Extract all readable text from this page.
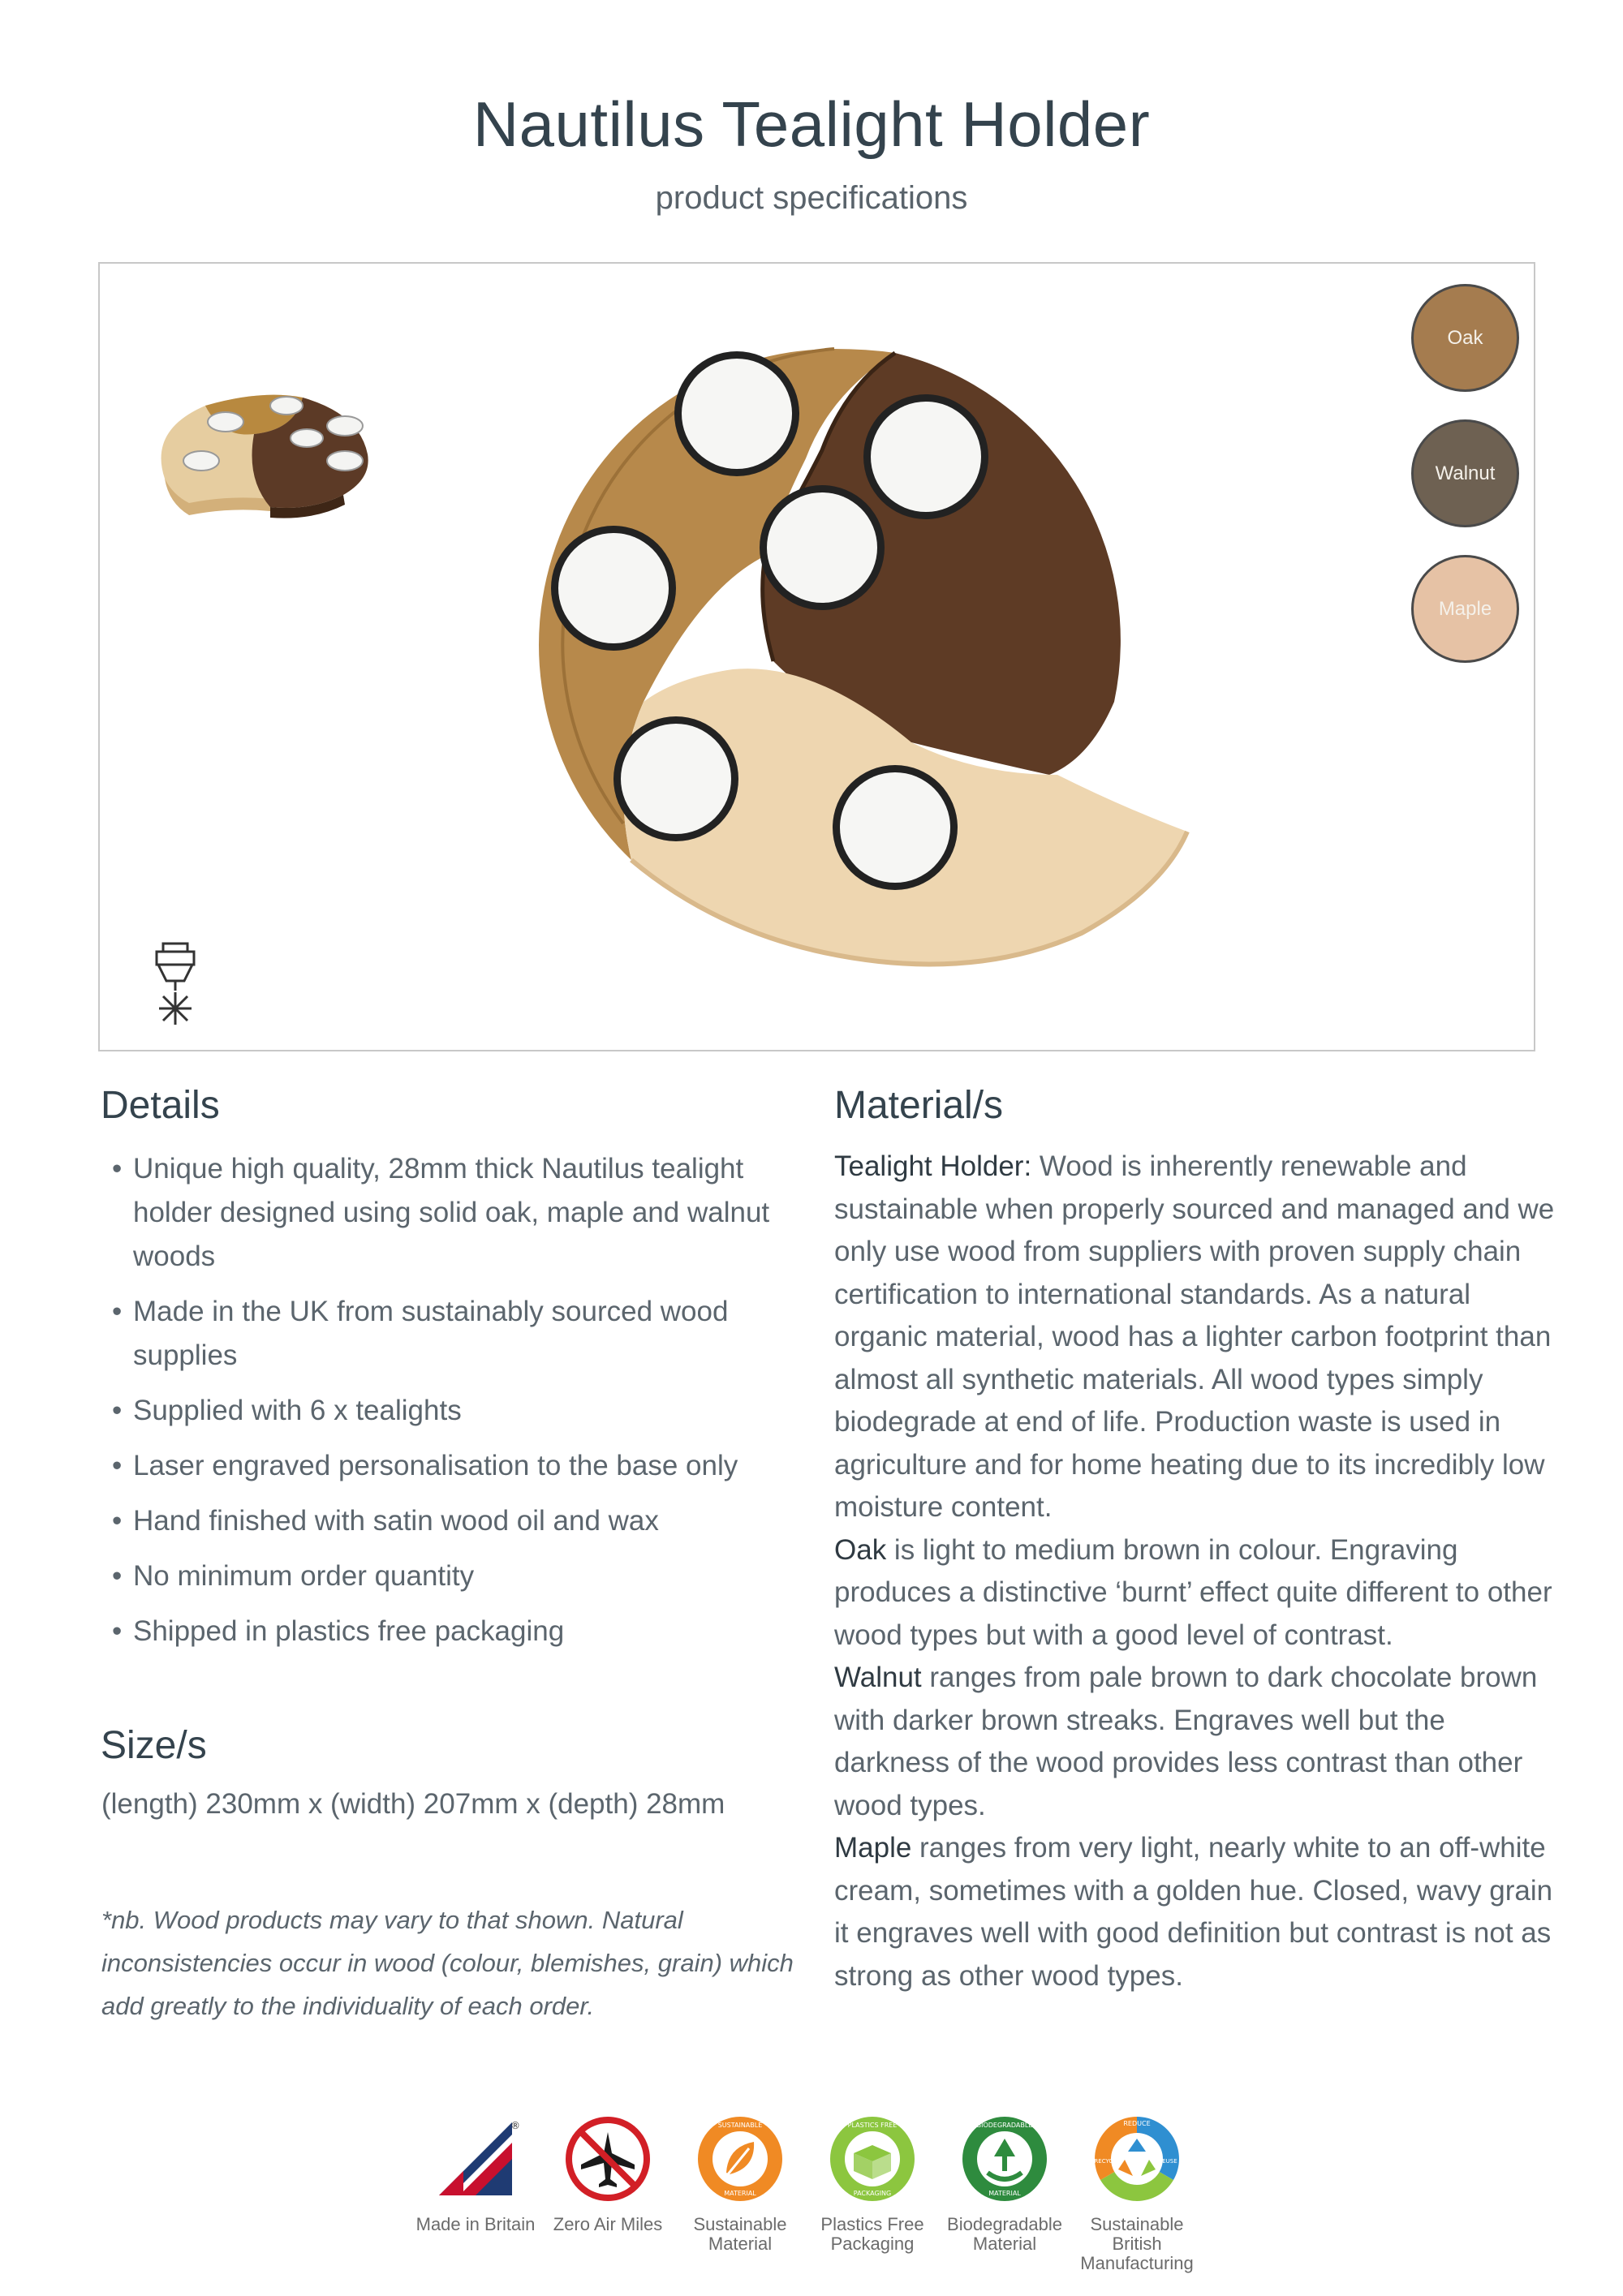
Nautilus Tealight Holder
product specifications
Oak
Walnut
Maple
Details
• Unique high quality, 28mm thick Nautilus tealight holder designed using solid oak, maple and walnut woods
• Made in the UK from sustainably sourced wood supplies
• Supplied with 6 x tealights
• Laser engraved personalisation to the base only
• Hand finished with satin wood oil and wax
• No minimum order quantity
• Shipped in plastics free packaging
Size/s
(length) 230mm x (width) 207mm x (depth) 28mm
*nb. Wood products may vary to that shown. Natural inconsistencies occur in wood (colour, blemishes, grain) which add greatly to the individuality of each order.
Material/s

Tealight Holder: Wood is inherently renewable and sustainable when properly sourced and managed and we only use wood from suppliers with proven supply chain certification to international standards. As a natural organic material, wood has a lighter carbon footprint than almost all synthetic materials. All wood types simply biodegrade at end of life. Production waste is used in agriculture and for home heating due to its incredibly low moisture content.

Oak is light to medium brown in colour. Engraving produces a distinctive ‘burnt’ effect quite different to other wood types but with a good level of contrast.

Walnut ranges from pale brown to dark chocolate brown with darker brown streaks. Engraves well but the darkness of the wood provides less contrast than other wood types.

Maple ranges from very light, nearly white to an off-white cream, sometimes with a golden hue. Closed, wavy grain it engraves well with good definition but contrast is not as strong as other wood types.

®
Made in Britain	Zero Air Miles
SUSTAINABLE
MATERIAL
Sustainable Material
PLASTICS FREE
PACKAGING
Plastics Free Packaging
BIODEGRADABLE
MATERIAL
Biodegradable Material
REDUCE
RECYCLE	REUSE
Sustainable British Manufacturing
